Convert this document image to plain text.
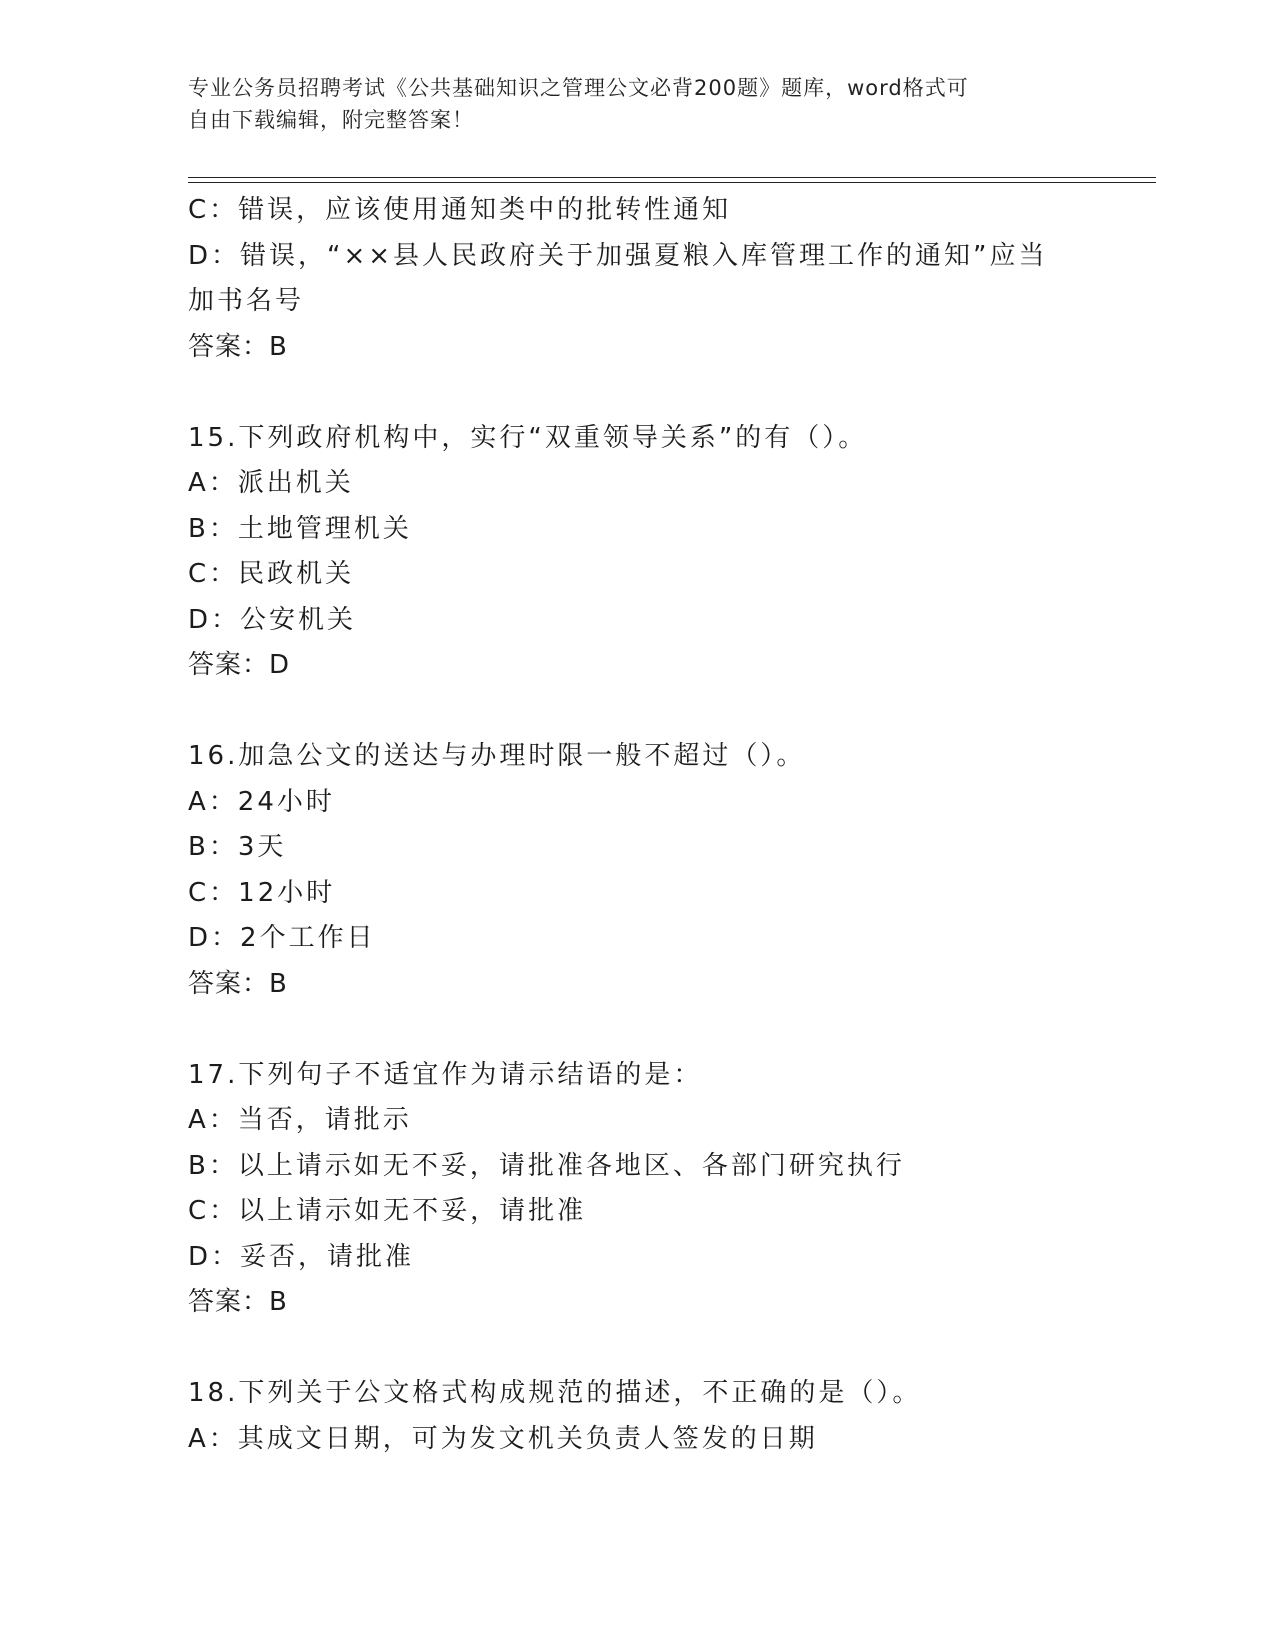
专业公务员招聘考试《公共基础知识之管理公文必背200题》题库，word格式可
自由下载编辑，附完整答案！
C：错误，应该使用通知类中的批转性通知
D：错误，“××县人民政府关于加强夏粮入库管理工作的通知”应当
加书名号
答案：B
15.下列政府机构中，实行“双重领导关系”的有（）。
A：派出机关
B：土地管理机关
C：民政机关
D：公安机关
答案：D
16.加急公文的送达与办理时限一般不超过（）。
A：24小时
B：3天
C：12小时
D：2个工作日
答案：B
17.下列句子不适宜作为请示结语的是：
A：当否，请批示
B：以上请示如无不妥，请批准各地区、各部门研究执行
C：以上请示如无不妥，请批准
D：妥否，请批准
答案：B
18.下列关于公文格式构成规范的描述，不正确的是（）。
A：其成文日期，可为发文机关负责人签发的日期
